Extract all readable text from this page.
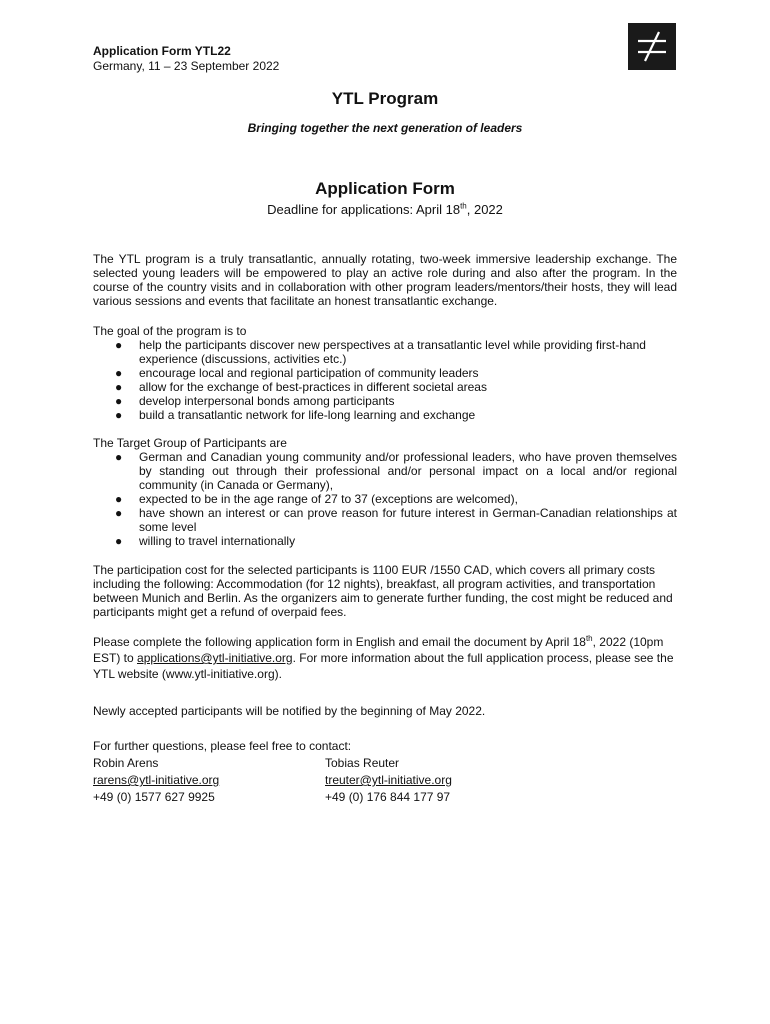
Application Form YTL22
Germany, 11 – 23 September 2022
YTL Program
Bringing together the next generation of leaders
Application Form
Deadline for applications: April 18th, 2022

The YTL program is a truly transatlantic, annually rotating, two-week immersive leadership exchange. The selected young leaders will be empowered to play an active role during and also after the program. In the course of the country visits and in collaboration with other program leaders/mentors/their hosts, they will lead various sessions and events that facilitate an honest transatlantic exchange.

The goal of the program is to

● help the participants discover new perspectives at a transatlantic level while providing first-hand experience (discussions, activities etc.)
● encourage local and regional participation of community leaders
● allow for the exchange of best-practices in different societal areas
● develop interpersonal bonds among participants
● build a transatlantic network for life-long learning and exchange

The Target Group of Participants are

● German and Canadian young community and/or professional leaders, who have proven themselves by standing out through their professional and/or personal impact on a local and/or regional community (in Canada or Germany),
● expected to be in the age range of 27 to 37 (exceptions are welcomed),
● have shown an interest or can prove reason for future interest in German-Canadian relationships at some level
● willing to travel internationally

The participation cost for the selected participants is 1100 EUR /1550 CAD, which covers all primary costs including the following: Accommodation (for 12 nights), breakfast, all program activities, and transportation between Munich and Berlin. As the organizers aim to generate further funding, the cost might be reduced and participants might get a refund of overpaid fees.

Please complete the following application form in English and email the document by April 18th, 2022 (10pm EST) to applications@ytl-initiative.org. For more information about the full application process, please see the YTL website (www.ytl-initiative.org).

Newly accepted participants will be notified by the beginning of May 2022.

For further questions, please feel free to contact:

Robin Arens
rarens@ytl-initiative.org
+49 (0) 1577 627 9925
Tobias Reuter
treuter@ytl-initiative.org
+49 (0) 176 844 177 97
